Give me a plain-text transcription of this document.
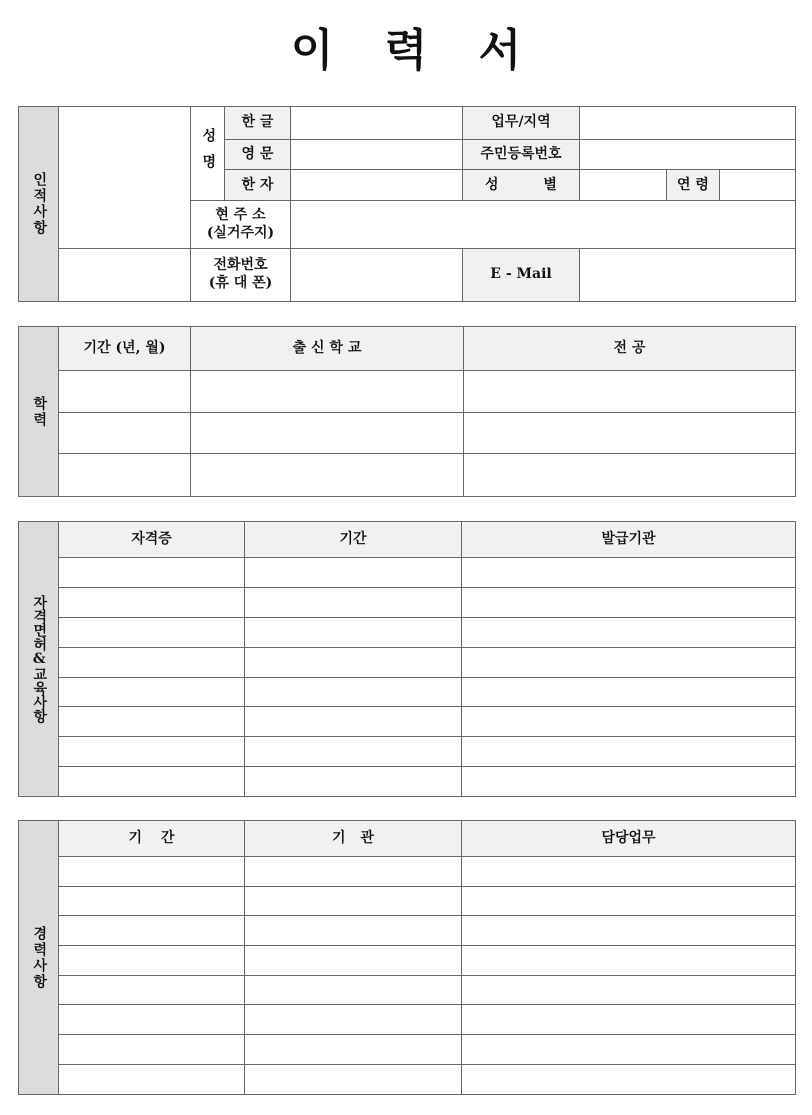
이 력 서
인적사항		성명	한 글		업무/지역			
			영 문		주민등록번호			
			한 자		성 별		연 령	
		현 주 소
(실거주지)						
		전화번호
(휴 대 폰)			E - Mail			
학력	기간 (년, 월)	출 신 학 교	전 공

자격면허&교육사항	자격증	기간	발급기관

경력사항	기 간	기 관	담당업무
